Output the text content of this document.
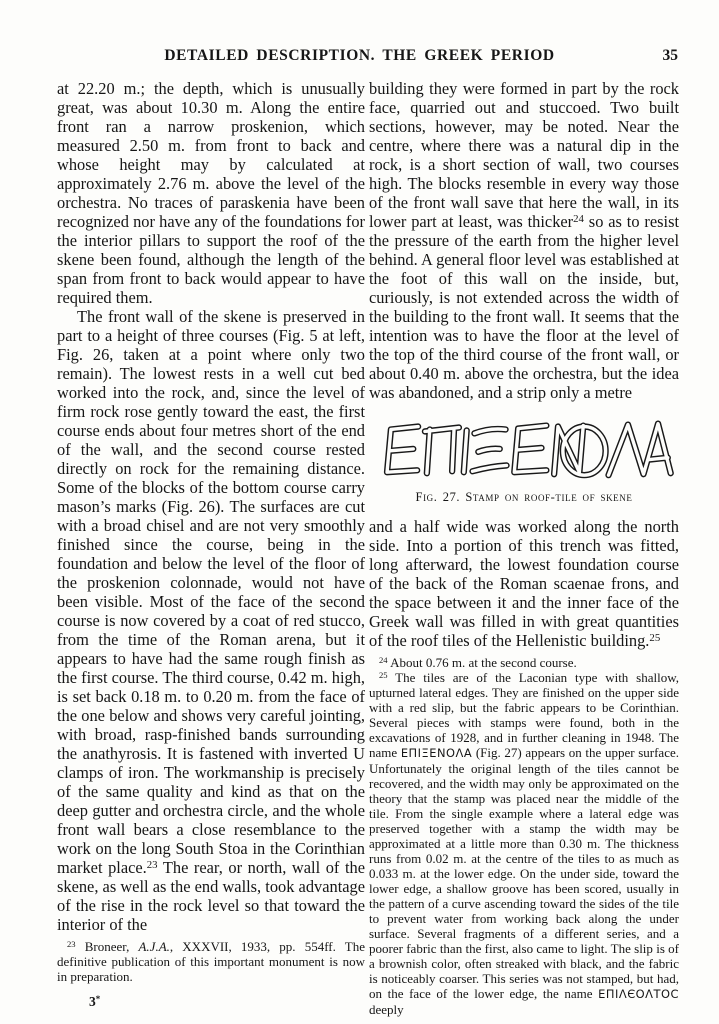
DETAILED DESCRIPTION. THE GREEK PERIOD	35

at 22.20 m.; the depth, which is unusually great, was about 10.30 m. Along the entire front ran a narrow proskenion, which measured 2.50 m. from front to back and whose height may by calculated at approximately 2.76 m. above the level of the orchestra. No traces of paraskenia have been recognized nor have any of the foundations for the interior pillars to support the roof of the skene been found, although the length of the span from front to back would appear to have required them.

The front wall of the skene is preserved in part to a height of three courses (Fig. 5 at left, Fig. 26, taken at a point where only two remain). The lowest rests in a well cut bed worked into the rock, and, since the level of firm rock rose gently toward the east, the first course ends about four metres short of the end of the wall, and the second course rested directly on rock for the remaining distance. Some of the blocks of the bottom course carry mason’s marks (Fig. 26). The surfaces are cut with a broad chisel and are not very smoothly finished since the course, being in the foundation and below the level of the floor of the proskenion colonnade, would not have been visible. Most of the face of the second course is now covered by a coat of red stucco, from the time of the Roman arena, but it appears to have had the same rough finish as the first course. The third course, 0.42 m. high, is set back 0.18 m. to 0.20 m. from the face of the one below and shows very careful jointing, with broad, rasp-finished bands surrounding the anathyrosis. It is fastened with inverted U clamps of iron. The workmanship is precisely of the same quality and kind as that on the deep gutter and orchestra circle, and the whole front wall bears a close resemblance to the work on the long South Stoa in the Corinthian market place.$^{23}$ The rear, or north, wall of the skene, as well as the end walls, took advantage of the rise in the rock level so that toward the interior of the

$^{23}$ Broneer, A.J.A., XXXVII, 1933, pp. 554ff. The definitive publication of this important monument is now in preparation.

3*

building they were formed in part by the rock face, quarried out and stuccoed. Two built sections, however, may be noted. Near the centre, where there was a natural dip in the rock, is a short section of wall, two courses high. The blocks resemble in every way those of the front wall save that here the wall, in its lower part at least, was thicker$^{24}$ so as to resist the pressure of the earth from the higher level behind. A general floor level was established at the foot of this wall on the inside, but, curiously, is not extended across the width of the building to the front wall. It seems that the intention was to have the floor at the level of the top of the third course of the front wall, or about 0.40 m. above the orchestra, but the idea was abandoned, and a strip only a metre

Fig. 27. Stamp on roof-tile of skene

and a half wide was worked along the north side. Into a portion of this trench was fitted, long afterward, the lowest foundation course of the back of the Roman scaenae frons, and the space between it and the inner face of the Greek wall was filled in with great quantities of the roof tiles of the Hellenistic building.$^{25}$

$^{24}$ About 0.76 m. at the second course.

$^{25}$ The tiles are of the Laconian type with shallow, upturned lateral edges. They are finished on the upper side with a red slip, but the fabric appears to be Corinthian. Several pieces with stamps were found, both in the excavations of 1928, and in further cleaning in 1948. The name ΕΠΙΞΕΝΟΛΑ (Fig. 27) appears on the upper surface. Unfortunately the original length of the tiles cannot be recovered, and the width may only be approximated on the theory that the stamp was placed near the middle of the tile. From the single example where a lateral edge was preserved together with a stamp the width may be approximated at a little more than 0.30 m. The thickness runs from 0.02 m. at the centre of the tiles to as much as 0.033 m. at the lower edge. On the under side, toward the lower edge, a shallow groove has been scored, usually in the pattern of a curve ascending toward the sides of the tile to prevent water from working back along the under surface. Several fragments of a different series, and a poorer fabric than the first, also came to light. The slip is of a brownish color, often streaked with black, and the fabric is noticeably coarser. This series was not stamped, but had, on the face of the lower edge, the name ΕΠΙΛЄΟΛΤΟС deeply
